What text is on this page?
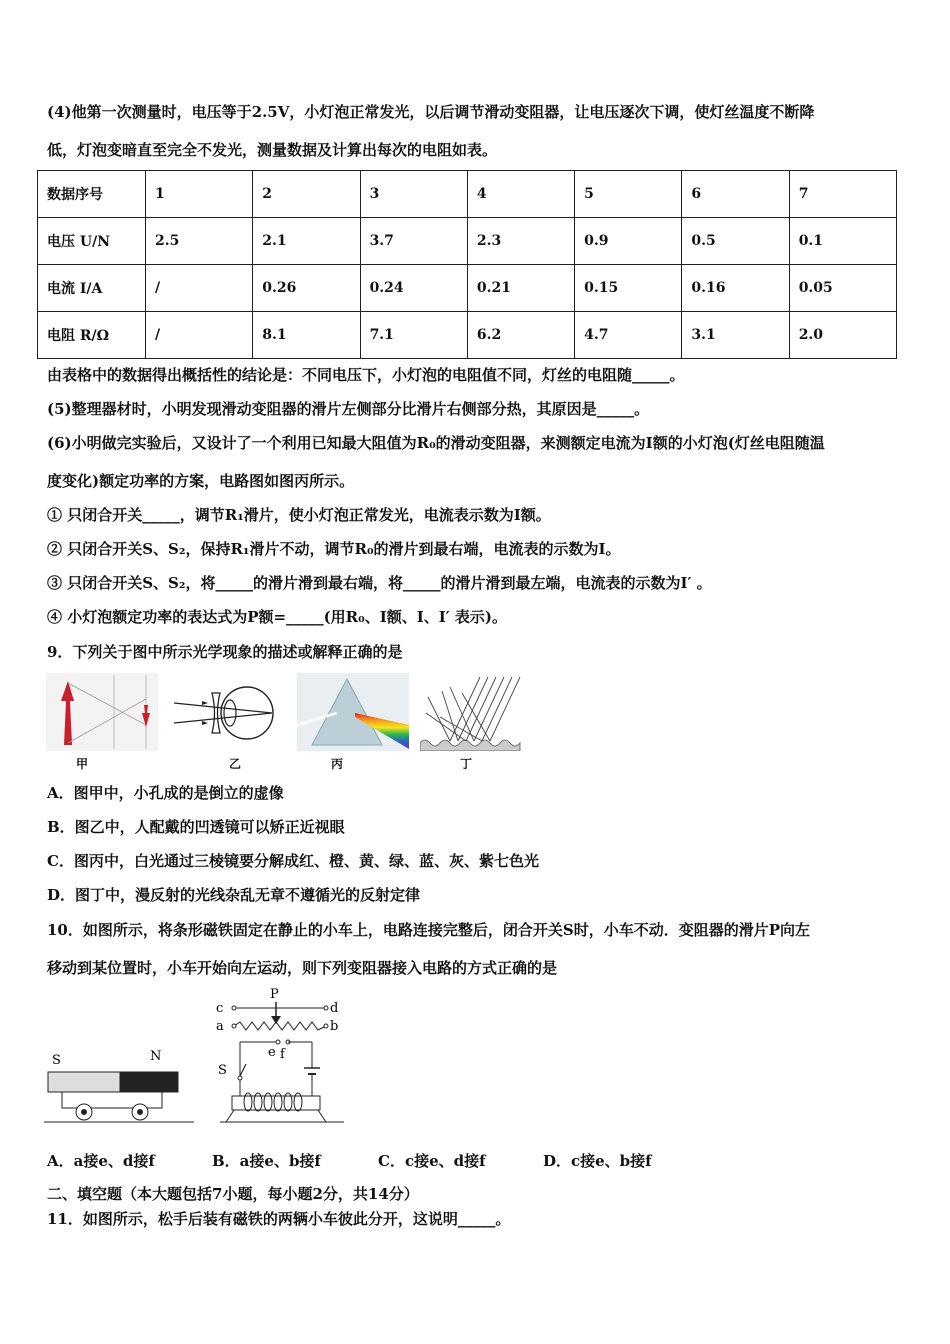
(4)他第一次测量时，电压等于2.5V，小灯泡正常发光，以后调节滑动变阻器，让电压逐次下调，使灯丝温度不断降
低，灯泡变暗直至完全不发光，测量数据及计算出每次的电阻如表。
数据序号	1	2	3	4	5	6	7
电压 U/N	2.5	2.1	3.7	2.3	0.9	0.5	0.1
电流 I/A	/	0.26	0.24	0.21	0.15	0.16	0.05
电阻 R/Ω	/	8.1	7.1	6.2	4.7	3.1	2.0
由表格中的数据得出概括性的结论是：不同电压下，小灯泡的电阻值不同，灯丝的电阻随_____。
(5)整理器材时，小明发现滑动变阻器的滑片左侧部分比滑片右侧部分热，其原因是_____。
(6)小明做完实验后，又设计了一个利用已知最大阻值为R₀的滑动变阻器，来测额定电流为I额的小灯泡(灯丝电阻随温
度变化)额定功率的方案，电路图如图丙所示。
① 只闭合开关_____，调节R₁滑片，使小灯泡正常发光，电流表示数为I额。
② 只闭合开关S、S₂，保持R₁滑片不动，调节R₀的滑片到最右端，电流表的示数为I。
③ 只闭合开关S、S₂，将_____的滑片滑到最右端，将_____的滑片滑到最左端，电流表的示数为I′ 。
④ 小灯泡额定功率的表达式为P额=_____(用R₀、I额、I、I′ 表示)。
9．下列关于图中所示光学现象的描述或解释正确的是
甲	乙	丙	丁
A．图甲中，小孔成的是倒立的虚像
B．图乙中，人配戴的凹透镜可以矫正近视眼
C．图丙中，白光通过三棱镜要分解成红、橙、黄、绿、蓝、灰、紫七色光
D．图丁中，漫反射的光线杂乱无章不遵循光的反射定律
10．如图所示，将条形磁铁固定在静止的小车上，电路连接完整后，闭合开关S时，小车不动．变阻器的滑片P向左
移动到某位置时，小车开始向左运动，则下列变阻器接入电路的方式正确的是
P
c	d
a	b
e f
S	N
S
A．a接e、d接f	B．a接e、b接f	C．c接e、d接f	D．c接e、b接f
二、填空题（本大题包括7小题，每小题2分，共14分）
11．如图所示，松手后装有磁铁的两辆小车彼此分开，这说明_____。
